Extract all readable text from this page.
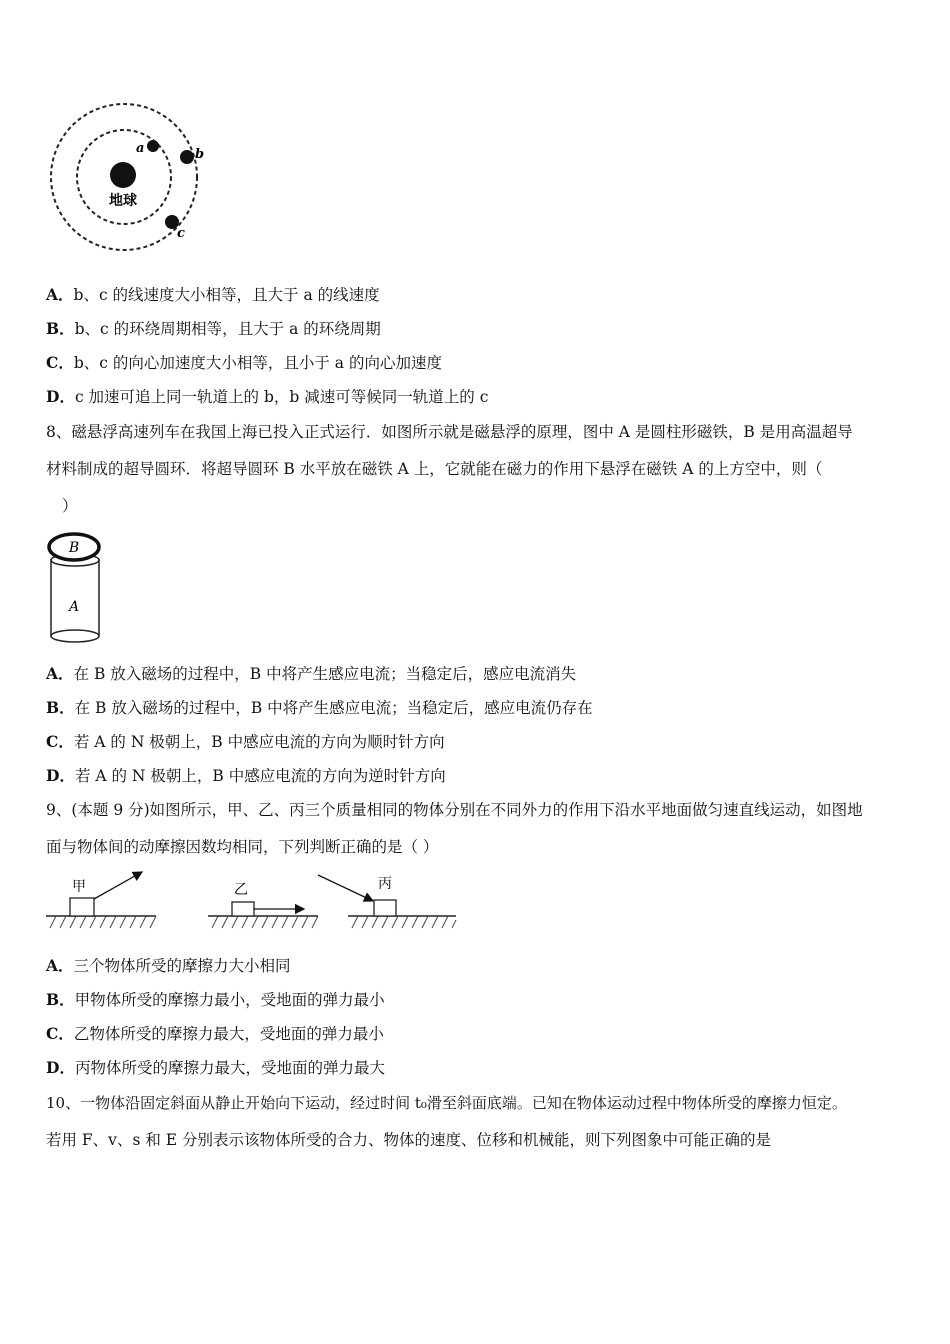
地球
a	b
c
A．b、c 的线速度大小相等，且大于 a 的线速度
B．b、c 的环绕周期相等，且大于 a 的环绕周期
C．b、c 的向心加速度大小相等，且小于 a 的向心加速度
D．c 加速可追上同一轨道上的 b，b 减速可等候同一轨道上的 c
8、磁悬浮高速列车在我国上海已投入正式运行．如图所示就是磁悬浮的原理，图中 A 是圆柱形磁铁，B 是用高温超导
材料制成的超导圆环．将超导圆环 B 水平放在磁铁 A 上，它就能在磁力的作用下悬浮在磁铁 A 的上方空中，则（
）
B
A
A．在 B 放入磁场的过程中，B 中将产生感应电流；当稳定后，感应电流消失
B．在 B 放入磁场的过程中，B 中将产生感应电流；当稳定后，感应电流仍存在
C．若 A 的 N 极朝上，B 中感应电流的方向为顺时针方向
D．若 A 的 N 极朝上，B 中感应电流的方向为逆时针方向
9、(本题 9 分)如图所示，甲、乙、丙三个质量相同的物体分别在不同外力的作用下沿水平地面做匀速直线运动，如图地
面与物体间的动摩擦因数均相同，下列判断正确的是（ ）
甲	乙	丙
A．三个物体所受的摩擦力大小相同
B．甲物体所受的摩擦力最小，受地面的弹力最小
C．乙物体所受的摩擦力最大，受地面的弹力最小
D．丙物体所受的摩擦力最大，受地面的弹力最大
10、一物体沿固定斜面从静止开始向下运动，经过时间 t₀滑至斜面底端。已知在物体运动过程中物体所受的摩擦力恒定。
若用 F、v、s 和 E 分别表示该物体所受的合力、物体的速度、位移和机械能，则下列图象中可能正确的是
